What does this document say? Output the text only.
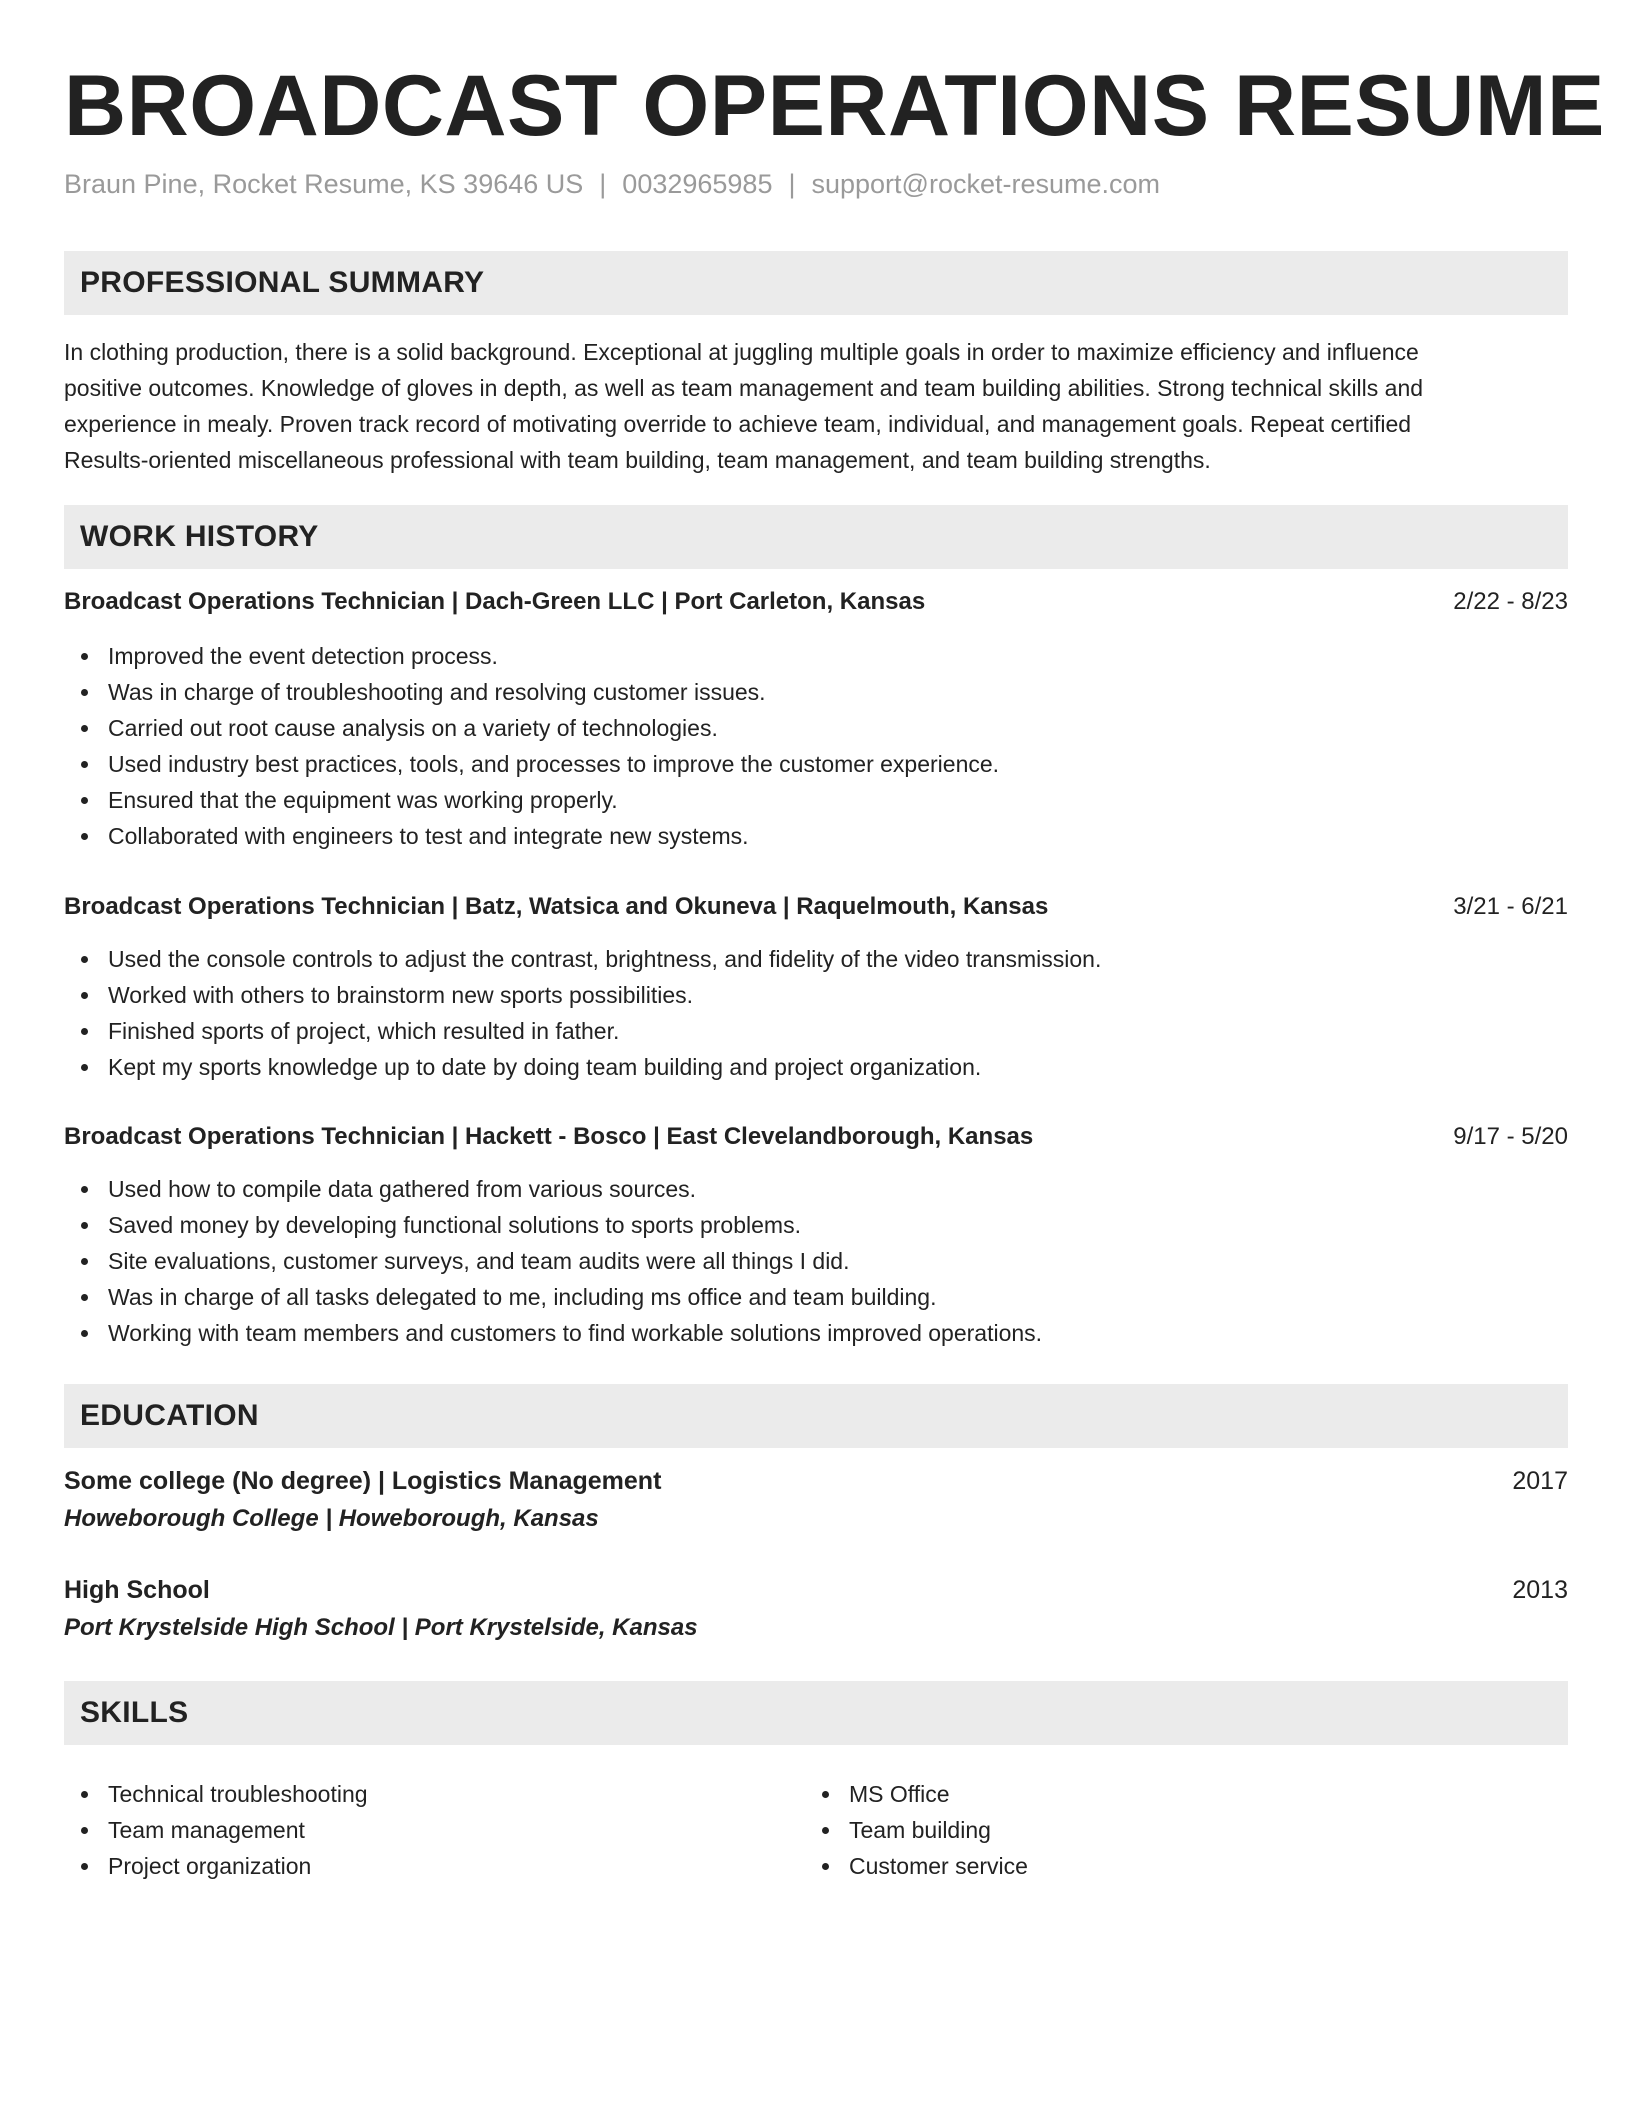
BROADCAST OPERATIONS RESUME
Braun Pine, Rocket Resume, KS 39646 US | 0032965985 | support@rocket-resume.com
PROFESSIONAL SUMMARY
In clothing production, there is a solid background. Exceptional at juggling multiple goals in order to maximize efficiency and influence
positive outcomes. Knowledge of gloves in depth, as well as team management and team building abilities. Strong technical skills and
experience in mealy. Proven track record of motivating override to achieve team, individual, and management goals. Repeat certified
Results-oriented miscellaneous professional with team building, team management, and team building strengths.
WORK HISTORY
Broadcast Operations Technician | Dach-Green LLC | Port Carleton, Kansas	2/22 - 8/23
Improved the event detection process.
Was in charge of troubleshooting and resolving customer issues.
Carried out root cause analysis on a variety of technologies.
Used industry best practices, tools, and processes to improve the customer experience.
Ensured that the equipment was working properly.
Collaborated with engineers to test and integrate new systems.
Broadcast Operations Technician | Batz, Watsica and Okuneva | Raquelmouth, Kansas	3/21 - 6/21
Used the console controls to adjust the contrast, brightness, and fidelity of the video transmission.
Worked with others to brainstorm new sports possibilities.
Finished sports of project, which resulted in father.
Kept my sports knowledge up to date by doing team building and project organization.
Broadcast Operations Technician | Hackett - Bosco | East Clevelandborough, Kansas	9/17 - 5/20
Used how to compile data gathered from various sources.
Saved money by developing functional solutions to sports problems.
Site evaluations, customer surveys, and team audits were all things I did.
Was in charge of all tasks delegated to me, including ms office and team building.
Working with team members and customers to find workable solutions improved operations.
EDUCATION
Some college (No degree) | Logistics Management	2017
Howeborough College | Howeborough, Kansas
High School	2013
Port Krystelside High School | Port Krystelside, Kansas
SKILLS
Technical troubleshooting
Team management
Project organization
MS Office
Team building
Customer service
